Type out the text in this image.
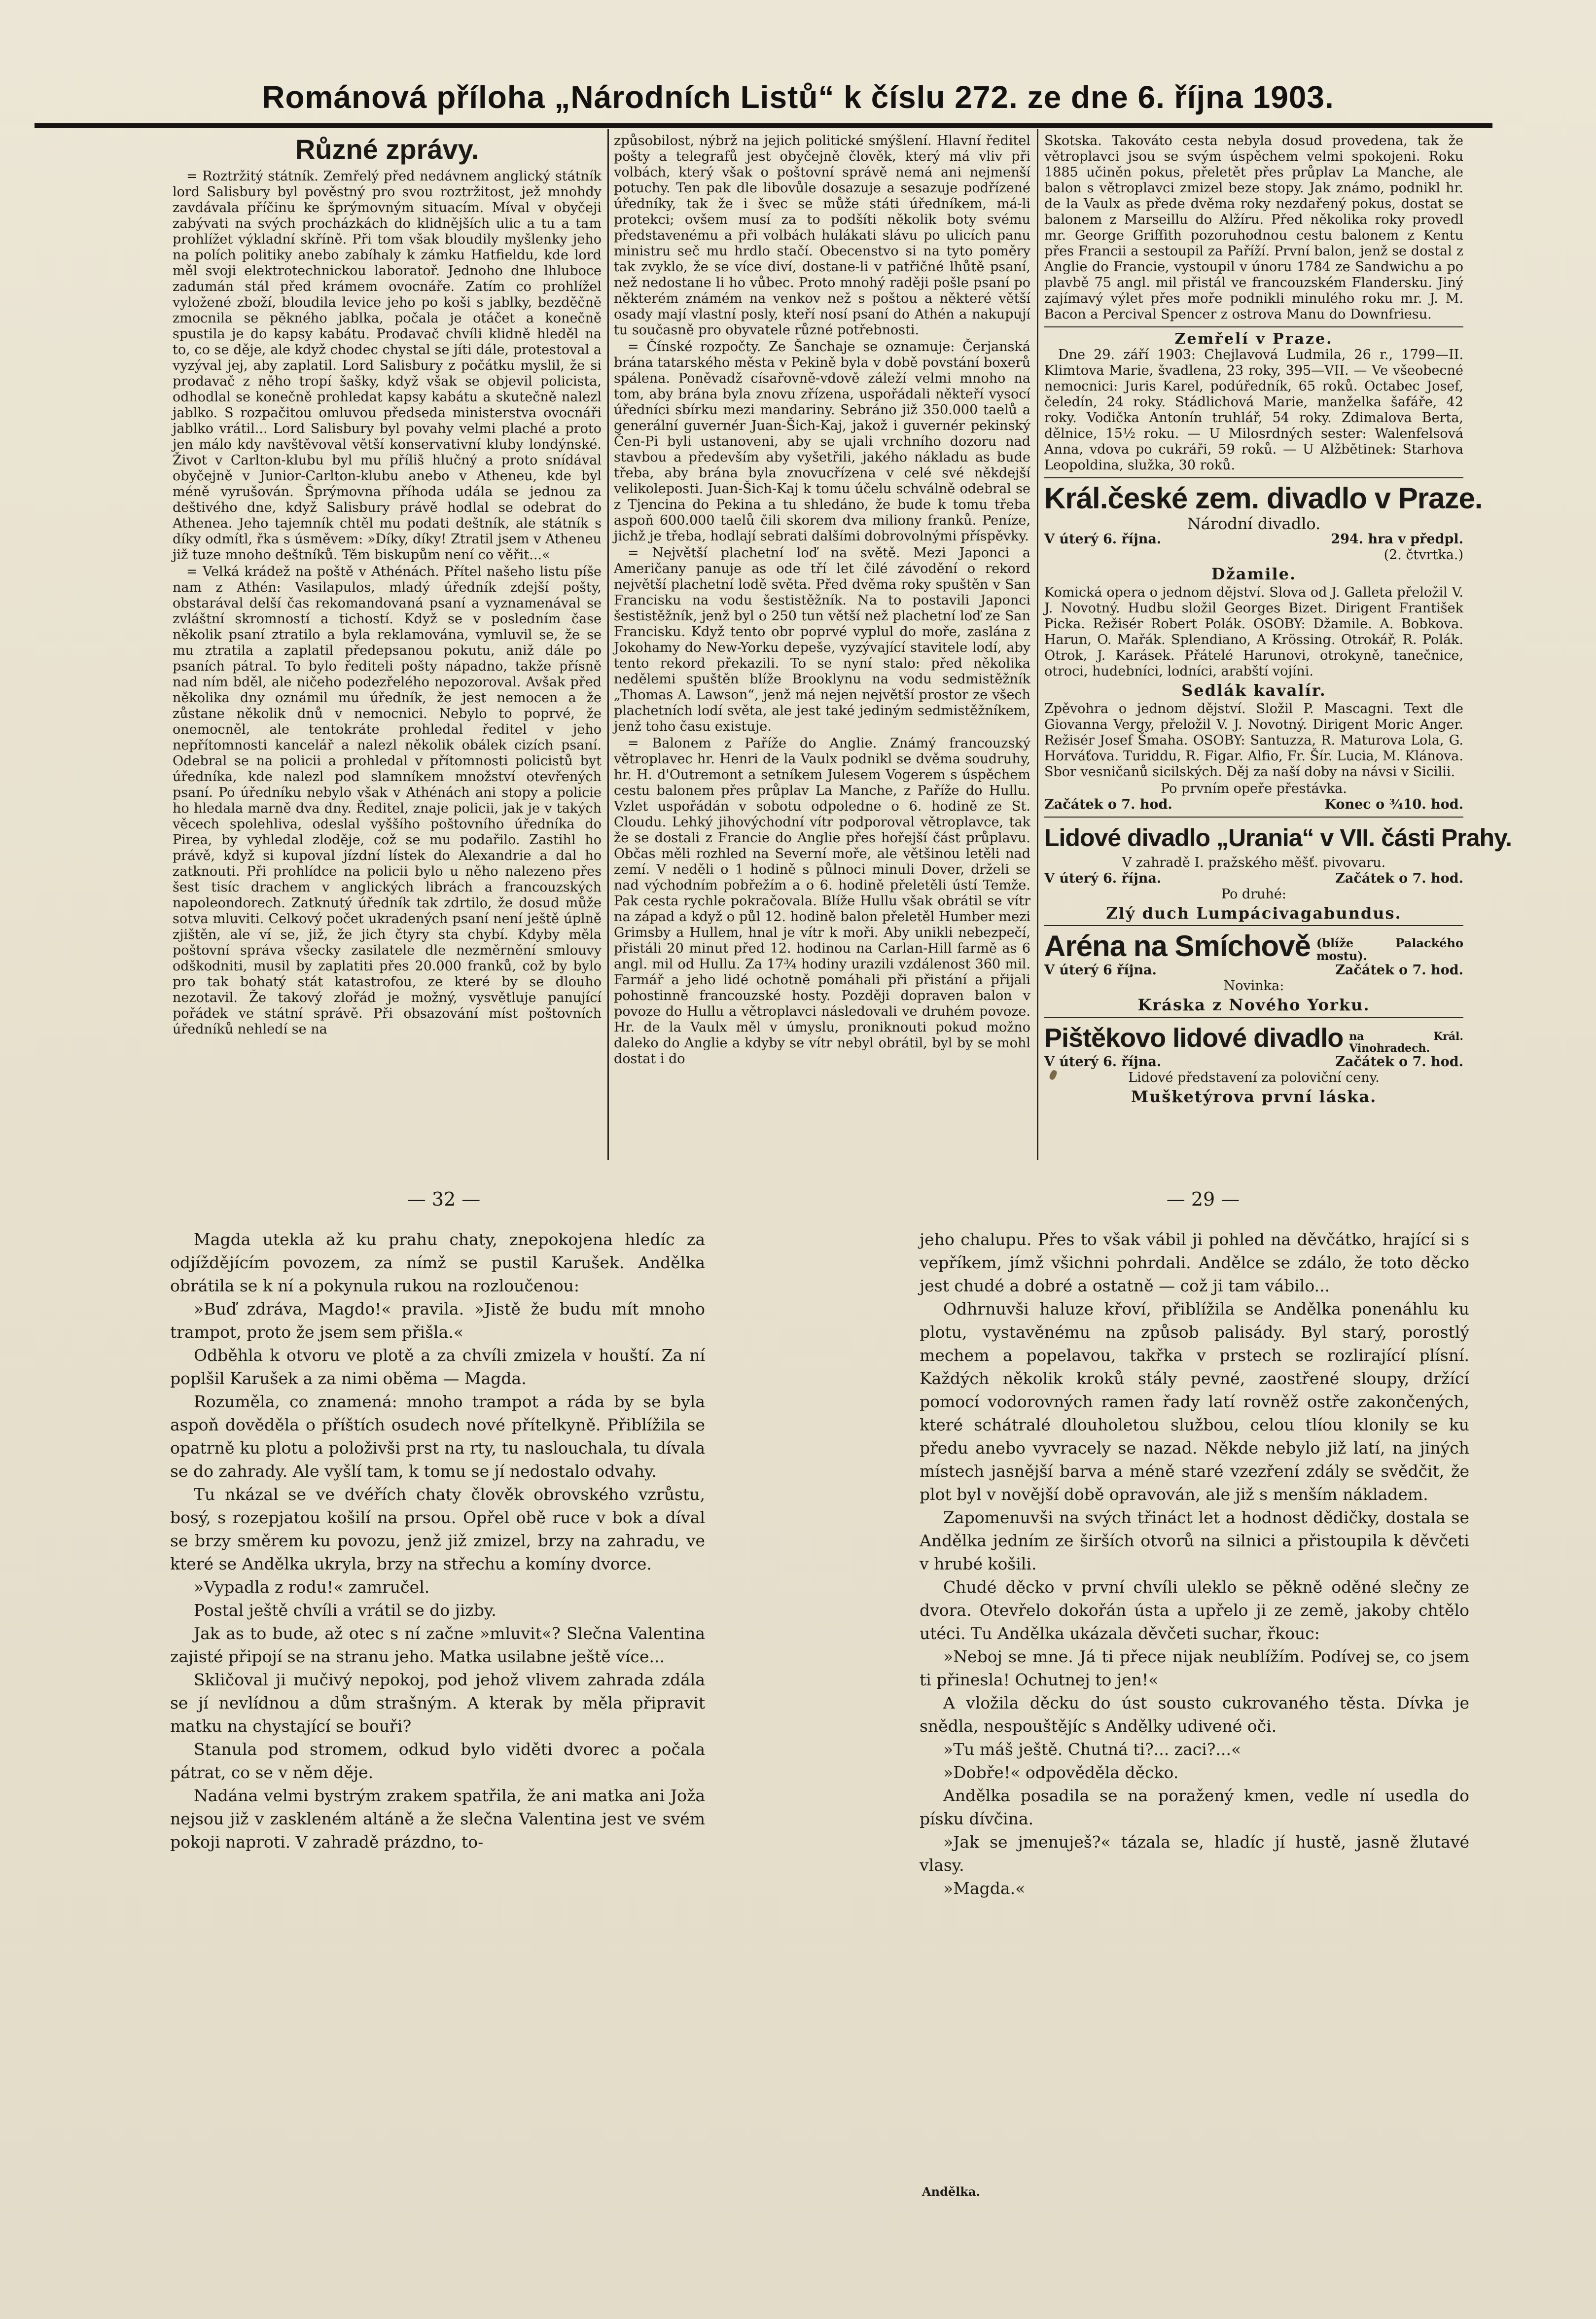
Románová příloha „Národních Listů“ k číslu 272. ze dne 6. října 1903.
Různé zprávy.

= Roztržitý státník. Zemřelý před nedávnem anglický státník lord Salisbury byl pověstný pro svou roztržitost, jež mnohdy zavdávala příčinu ke šprýmovným situacím. Míval v obyčeji zabývati na svých procházkách do klidnějších ulic a tu a tam prohlížet výkladní skříně. Při tom však bloudily myšlenky jeho na polích politiky anebo zabíhaly k zámku Hatfieldu, kde lord měl svoji elektrotechnickou laboratoř. Jednoho dne lhluboce zadumán stál před krámem ovocnáře. Zatím co prohlížel vyložené zboží, bloudila levice jeho po koši s jablky, bezděčně zmocnila se pěkného jablka, počala je otáčet a konečně spustila je do kapsy kabátu. Prodavač chvíli klidně hleděl na to, co se děje, ale když chodec chystal se jíti dále, protestoval a vyzýval jej, aby zaplatil. Lord Salisbury z počátku myslil, že si prodavač z něho tropí šašky, když však se objevil policista, odhodlal se konečně prohledat kapsy kabátu a skutečně nalezl jablko. S rozpačitou omluvou předseda ministerstva ovocnáři jablko vrátil... Lord Salisbury byl povahy velmi plaché a proto jen málo kdy navštěvoval větší konservativní kluby londýnské. Život v Carlton-klubu byl mu příliš hlučný a proto snídával obyčejně v Junior-Carlton-klubu anebo v Atheneu, kde byl méně vyrušován. Šprýmovna příhoda udála se jednou za deštivého dne, když Salisbury právě hodlal se odebrat do Athenea. Jeho tajemník chtěl mu podati deštník, ale státník s díky odmítl, řka s úsměvem: »Díky, díky! Ztratil jsem v Atheneu již tuze mnoho deštníků. Těm biskupům není co věřit...«

= Velká krádež na poště v Athénách. Přítel našeho listu píše nam z Athén: Vasilapulos, mladý úředník zdejší pošty, obstarával delší čas rekomandovaná psaní a vyznamenával se zvláštní skromností a tichostí. Když se v posledním čase několik psaní ztratilo a byla reklamována, vymluvil se, že se mu ztratila a zaplatil předepsanou pokutu, aniž dále po psaních pátral. To bylo řediteli pošty nápadno, takže přísně nad ním bděl, ale ničeho podezřelého nepozoroval. Avšak před několika dny oznámil mu úředník, že jest nemocen a že zůstane několik dnů v nemocnici. Nebylo to poprvé, že onemocněl, ale tentokráte prohledal ředitel v jeho nepřítomnosti kancelář a nalezl několik obálek cizích psaní. Odebral se na policii a prohledal v přítomnosti policistů byt úředníka, kde nalezl pod slamníkem množství otevřených psaní. Po úředníku nebylo však v Athénách ani stopy a policie ho hledala marně dva dny. Ředitel, znaje policii, jak je v takých věcech spolehliva, odeslal vyššího poštovního úředníka do Pirea, by vyhledal zloděje, což se mu podařilo. Zastihl ho právě, když si kupoval jízdní lístek do Alexandrie a dal ho zatknouti. Při prohlídce na policii bylo u něho nalezeno přes šest tisíc drachem v anglických librách a francouzských napoleondorech. Zatknutý úředník tak zdrtilo, že dosud může sotva mluviti. Celkový počet ukradených psaní není ještě úplně zjištěn, ale ví se, již, že jich čtyry sta chybí. Kdyby měla poštovní správa všecky zasilatele dle nezměrnění smlouvy odškodniti, musil by zaplatiti přes 20.000 franků, což by bylo pro tak bohatý stát katastrofou, ze které by se dlouho nezotavil. Že takový zlořád je možný, vysvětluje panující pořádek ve státní správě. Při obsazování míst poštovních úředníků nehledí se na

způsobilost, nýbrž na jejich politické smýšlení. Hlavní ředitel pošty a telegrafů jest obyčejně člověk, který má vliv při volbách, který však o poštovní správě nemá ani nejmenší potuchy. Ten pak dle libovůle dosazuje a sesazuje podřízené úředníky, tak že i švec se může státi úředníkem, má-li protekci; ovšem musí za to podšíti několik boty svému představenému a při volbách hulákati slávu po ulicích panu ministru seč mu hrdlo stačí. Obecenstvo si na tyto poměry tak zvyklo, že se více diví, dostane-li v patřičné lhůtě psaní, než nedostane li ho vůbec. Proto mnohý raději pošle psaní po některém známém na venkov než s poštou a některé větší osady mají vlastní posly, kteří nosí psaní do Athén a nakupují tu současně pro obyvatele různé potřebnosti.

= Čínské rozpočty. Ze Šanchaje se oznamuje: Čerjanská brána tatarského města v Pekině byla v době povstání boxerů spálena. Poněvadž císařovně-vdově záleží velmi mnoho na tom, aby brána byla znovu zřízena, uspořádali někteří vysocí úředníci sbírku mezi mandariny. Sebráno již 350.000 taelů a generální guvernér Juan-Šich-Kaj, jakož i guvernér pekinský Čen-Pi byli ustanoveni, aby se ujali vrchního dozoru nad stavbou a především aby vyšetřili, jakého nákladu as bude třeba, aby brána byla znovucřízena v celé své někdejší velikoleposti. Juan-Šich-Kaj k tomu účelu schválně odebral se z Tjencina do Pekina a tu shledáno, že bude k tomu třeba aspoň 600.000 taelů čili skorem dva miliony franků. Peníze, jichž je třeba, hodlají sebrati dalšími dobrovolnými příspěvky.

= Největší plachetní loď na světě. Mezi Japonci a Američany panuje as ode tří let čilé závodění o rekord největší plachetní lodě světa. Před dvěma roky spuštěn v San Francisku na vodu šestistěžník. Na to postavili Japonci šestistěžník, jenž byl o 250 tun větší než plachetní loď ze San Francisku. Když tento obr poprvé vyplul do moře, zaslána z Jokohamy do New-Yorku depeše, vyzývající stavitele lodí, aby tento rekord překazili. To se nyní stalo: před několika nedělemi spuštěn blíže Brooklynu na vodu sedmistěžník „Thomas A. Lawson“, jenž má nejen největší prostor ze všech plachetních lodí světa, ale jest také jediným sedmistěžníkem, jenž toho času existuje.

= Balonem z Paříže do Anglie. Známý francouzský větroplavec hr. Henri de la Vaulx podnikl se dvěma soudruhy, hr. H. d'Outremont a setníkem Julesem Vogerem s úspěchem cestu balonem přes průplav La Manche, z Paříže do Hullu. Vzlet uspořádán v sobotu odpoledne o 6. hodině ze St. Cloudu. Lehký jihovýchodní vítr podporoval větroplavce, tak že se dostali z Francie do Anglie přes hořejší část průplavu. Občas měli rozhled na Severní moře, ale většinou letěli nad zemí. V neděli o 1 hodině s půlnoci minuli Dover, drželi se nad východním pobřežím a o 6. hodině přeletěli ústí Temže. Pak cesta rychle pokračovala. Blíže Hullu však obrátil se vítr na západ a když o půl 12. hodině balon přeletěl Humber mezi Grimsby a Hullem, hnal je vítr k moři. Aby unikli nebezpečí, přistáli 20 minut před 12. hodinou na Carlan-Hill farmě as 6 angl. mil od Hullu. Za 17¾ hodiny urazili vzdálenost 360 mil. Farmář a jeho lidé ochotně pomáhali při přistání a přijali pohostinně francouzské hosty. Později dopraven balon v povoze do Hullu a větroplavci následovali ve druhém povoze. Hr. de la Vaulx měl v úmyslu, proniknouti pokud možno daleko do Anglie a kdyby se vítr nebyl obrátil, byl by se mohl dostat i do

Skotska. Takováto cesta nebyla dosud provedena, tak že větroplavci jsou se svým úspěchem velmi spokojeni. Roku 1885 učiněn pokus, přeletět přes průplav La Manche, ale balon s větroplavci zmizel beze stopy. Jak známo, podnikl hr. de la Vaulx as přede dvěma roky nezdařený pokus, dostat se balonem z Marseillu do Alžíru. Před několika roky provedl mr. George Griffith pozoruhodnou cestu balonem z Kentu přes Francii a sestoupil za Paříží. První balon, jenž se dostal z Anglie do Francie, vystoupil v únoru 1784 ze Sandwichu a po plavbě 75 angl. mil přistál ve francouzském Flandersku. Jiný zajímavý výlet přes moře podnikli minulého roku mr. J. M. Bacon a Percival Spencer z ostrova Manu do Downfriesu.

Zemřelí v Praze.

Dne 29. září 1903: Chejlavová Ludmila, 26 r., 1799—II. Klimtova Marie, švadlena, 23 roky, 395—VII. — Ve všeobecné nemocnici: Juris Karel, podúředník, 65 roků. Octabec Josef, čeledín, 24 roky. Stádlichová Marie, manželka šafáře, 42 roky. Vodička Antonín truhlář, 54 roky. Zdimalova Berta, dělnice, 15½ roku. — U Milosrdných sester: Walenfelsová Anna, vdova po cukráři, 59 roků. — U Alžbětinek: Starhova Leopoldina, služka, 30 roků.

Král.české zem. divadlo v Praze.
Národní divadlo.
V úterý 6. října.	294. hra v předpl.
(2. čtvrtka.)
Džamile.

Komická opera o jednom dějství. Slova od J. Galleta přeložil V. J. Novotný. Hudbu složil Georges Bizet. Dirigent František Picka. Režisér Robert Polák. OSOBY: Džamile. A. Bobkova. Harun, O. Mařák. Splendiano, A Krössing. Otrokář, R. Polák. Otrok, J. Karásek. Přátelé Harunovi, otrokyně, tanečnice, otroci, hudebníci, lodníci, arabští vojíni.

Sedlák kavalír.

Zpěvohra o jednom dějství. Složil P. Mascagni. Text dle Giovanna Vergy, přeložil V. J. Novotný. Dirigent Moric Anger. Režisér Josef Šmaha. OSOBY: Santuzza, R. Maturova Lola, G. Horváťova. Turiddu, R. Figar. Alfio, Fr. Šír. Lucia, M. Klánova. Sbor vesničanů sicilských. Děj za naší doby na návsi v Sicilii.

Po prvním opeře přestávka.
Začátek o 7. hod.	Konec o ¾10. hod.
Lidové divadlo „Urania“ v VII. části Prahy.
V zahradě I. pražského měšť. pivovaru.
V úterý 6. října.	Začátek o 7. hod.
Po druhé:
Zlý duch Lumpácivagabundus.
Aréna na Smíchově (blíže Palackého mostu).
V úterý 6 října.	Začátek o 7. hod.
Novinka:
Kráska z Nového Yorku.
Pištěkovo lidové divadlo na Král. Vinohradech.
V úterý 6. října.	Začátek o 7. hod.
Lidové představení za poloviční ceny.
Mušketýrova první láska.
— 32 —	— 29 —

Magda utekla až ku prahu chaty, znepokojena hledíc za odjíždějícím povozem, za nímž se pustil Karušek. Andělka obrátila se k ní a pokynula rukou na rozloučenou:

»Buď zdráva, Magdo!« pravila. »Jistě že budu mít mnoho trampot, proto že jsem sem přišla.«

Odběhla k otvoru ve plotě a za chvíli zmizela v houští. Za ní poplšil Karušek a za nimi oběma — Magda.

Rozuměla, co znamená: mnoho trampot a ráda by se byla aspoň dověděla o příštích osudech nové přítelkyně. Přiblížila se opatrně ku plotu a položivši prst na rty, tu naslouchala, tu dívala se do zahrady. Ale vyšlí tam, k tomu se jí nedostalo odvahy.

Tu nkázal se ve dvéřích chaty člověk obrovského vzrůstu, bosý, s rozepjatou košilí na prsou. Opřel obě ruce v bok a díval se brzy směrem ku povozu, jenž již zmizel, brzy na zahradu, ve které se Andělka ukryla, brzy na střechu a komíny dvorce.

»Vypadla z rodu!« zamručel.

Postal ještě chvíli a vrátil se do jizby.

Jak as to bude, až otec s ní začne »mluvit«? Slečna Valentina zajisté připojí se na stranu jeho. Matka usilabne ještě více...

Skličoval ji mučivý nepokoj, pod jehož vlivem zahrada zdála se jí nevlídnou a dům strašným. A kterak by měla připravit matku na chystající se bouři?

Stanula pod stromem, odkud bylo viděti dvorec a počala pátrat, co se v něm děje.

Nadána velmi bystrým zrakem spatřila, že ani matka ani Joža nejsou již v zaskleném altáně a že slečna Valentina jest ve svém pokoji naproti. V zahradě prázdno, to-

jeho chalupu. Přes to však vábil ji pohled na děvčátko, hrající si s vepříkem, jímž všichni pohrdali. Andělce se zdálo, že toto děcko jest chudé a dobré a ostatně — což ji tam vábilo...

Odhrnuvši haluze křoví, přiblížila se Andělka ponenáhlu ku plotu, vystavěnému na způsob palisády. Byl starý, porostlý mechem a popelavou, takřka v prstech se rozlirající plísní. Každých několik kroků stály pevné, zaostřené sloupy, držící pomocí vodorovných ramen řady latí rovněž ostře zakončených, které schátralé dlouholetou službou, celou tlíou klonily se ku předu anebo vyvracely se nazad. Někde nebylo již latí, na jiných místech jasnější barva a méně staré vzezření zdály se svědčit, že plot byl v novější době opravován, ale již s menším nákladem.

Zapomenuvši na svých třináct let a hodnost dědičky, dostala se Andělka jedním ze širších otvorů na silnici a přistoupila k děvčeti v hrubé košili.

Chudé děcko v první chvíli uleklo se pěkně oděné slečny ze dvora. Otevřelo dokořán ústa a upřelo ji ze země, jakoby chtělo utéci. Tu Andělka ukázala děvčeti suchar, řkouc:

»Neboj se mne. Já ti přece nijak neublížím. Podívej se, co jsem ti přinesla! Ochutnej to jen!«

A vložila děcku do úst sousto cukrovaného těsta. Dívka je snědla, nespouštějíc s Andělky udivené oči.

»Tu máš ještě. Chutná ti?... zaci?...«

»Dobře!« odpověděla děcko.

Andělka posadila se na poražený kmen, vedle ní usedla do písku dívčina.

»Jak se jmenuješ?« tázala se, hladíc jí hustě, jasně žlutavé vlasy.

»Magda.«

Andělka.
